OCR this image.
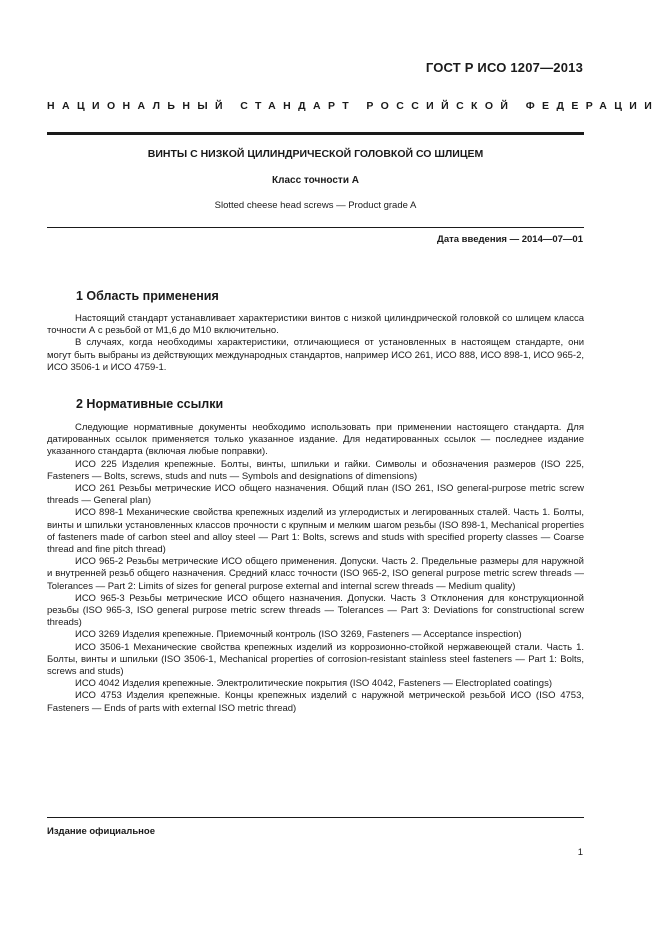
ГОСТ Р ИСО 1207—2013
НАЦИОНАЛЬНЫЙ СТАНДАРТ РОССИЙСКОЙ ФЕДЕРАЦИИ
ВИНТЫ С НИЗКОЙ ЦИЛИНДРИЧЕСКОЙ ГОЛОВКОЙ СО ШЛИЦЕМ
Класс точности А
Slotted cheese head screws — Product grade A
Дата введения — 2014—07—01
1 Область применения

Настоящий стандарт устанавливает характеристики винтов с низкой цилиндрической головкой со шлицем класса точности А с резьбой от М1,6 до М10 включительно.

В случаях, когда необходимы характеристики, отличающиеся от установленных в настоящем стандарте, они могут быть выбраны из действующих международных стандартов, например ИСО 261, ИСО 888, ИСО 898-1, ИСО 965-2, ИСО 3506-1 и ИСО 4759-1.

2 Нормативные ссылки

Следующие нормативные документы необходимо использовать при применении настоящего стандарта. Для датированных ссылок применяется только указанное издание. Для недатированных ссылок — последнее издание указанного стандарта (включая любые поправки).

ИСО 225 Изделия крепежные. Болты, винты, шпильки и гайки. Символы и обозначения размеров (ISO 225, Fasteners — Bolts, screws, studs and nuts — Symbols and designations of dimensions)

ИСО 261 Резьбы метрические ИСО общего назначения. Общий план (ISO 261, ISO general-purpose metric screw threads — General plan)

ИСО 898-1 Механические свойства крепежных изделий из углеродистых и легированных сталей. Часть 1. Болты, винты и шпильки установленных классов прочности с крупным и мелким шагом резьбы (ISO 898-1, Mechanical properties of fasteners made of carbon steel and alloy steel — Part 1: Bolts, screws and studs with specified property classes — Coarse thread and fine pitch thread)

ИСО 965-2 Резьбы метрические ИСО общего применения. Допуски. Часть 2. Предельные размеры для наружной и внутренней резьб общего назначения. Средний класс точности (ISO 965-2, ISO general purpose metric screw threads — Tolerances — Part 2: Limits of sizes for general purpose external and internal screw threads — Medium quality)

ИСО 965-3 Резьбы метрические ИСО общего назначения. Допуски. Часть 3 Отклонения для конструкционной резьбы (ISO 965-3, ISO general purpose metric screw threads — Tolerances — Part 3: Deviations for constructional screw threads)

ИСО 3269 Изделия крепежные. Приемочный контроль (ISO 3269, Fasteners — Acceptance inspection)

ИСО 3506-1 Механические свойства крепежных изделий из коррозионно-стойкой нержавеющей стали. Часть 1. Болты, винты и шпильки (ISO 3506-1, Mechanical properties of corrosion-resistant stainless steel fasteners — Part 1: Bolts, screws and studs)

ИСО 4042 Изделия крепежные. Электролитические покрытия (ISO 4042, Fasteners — Electroplated coatings)

ИСО 4753 Изделия крепежные. Концы крепежных изделий с наружной метрической резьбой ИСО (ISO 4753, Fasteners — Ends of parts with external ISO metric thread)

Издание официальное
1
